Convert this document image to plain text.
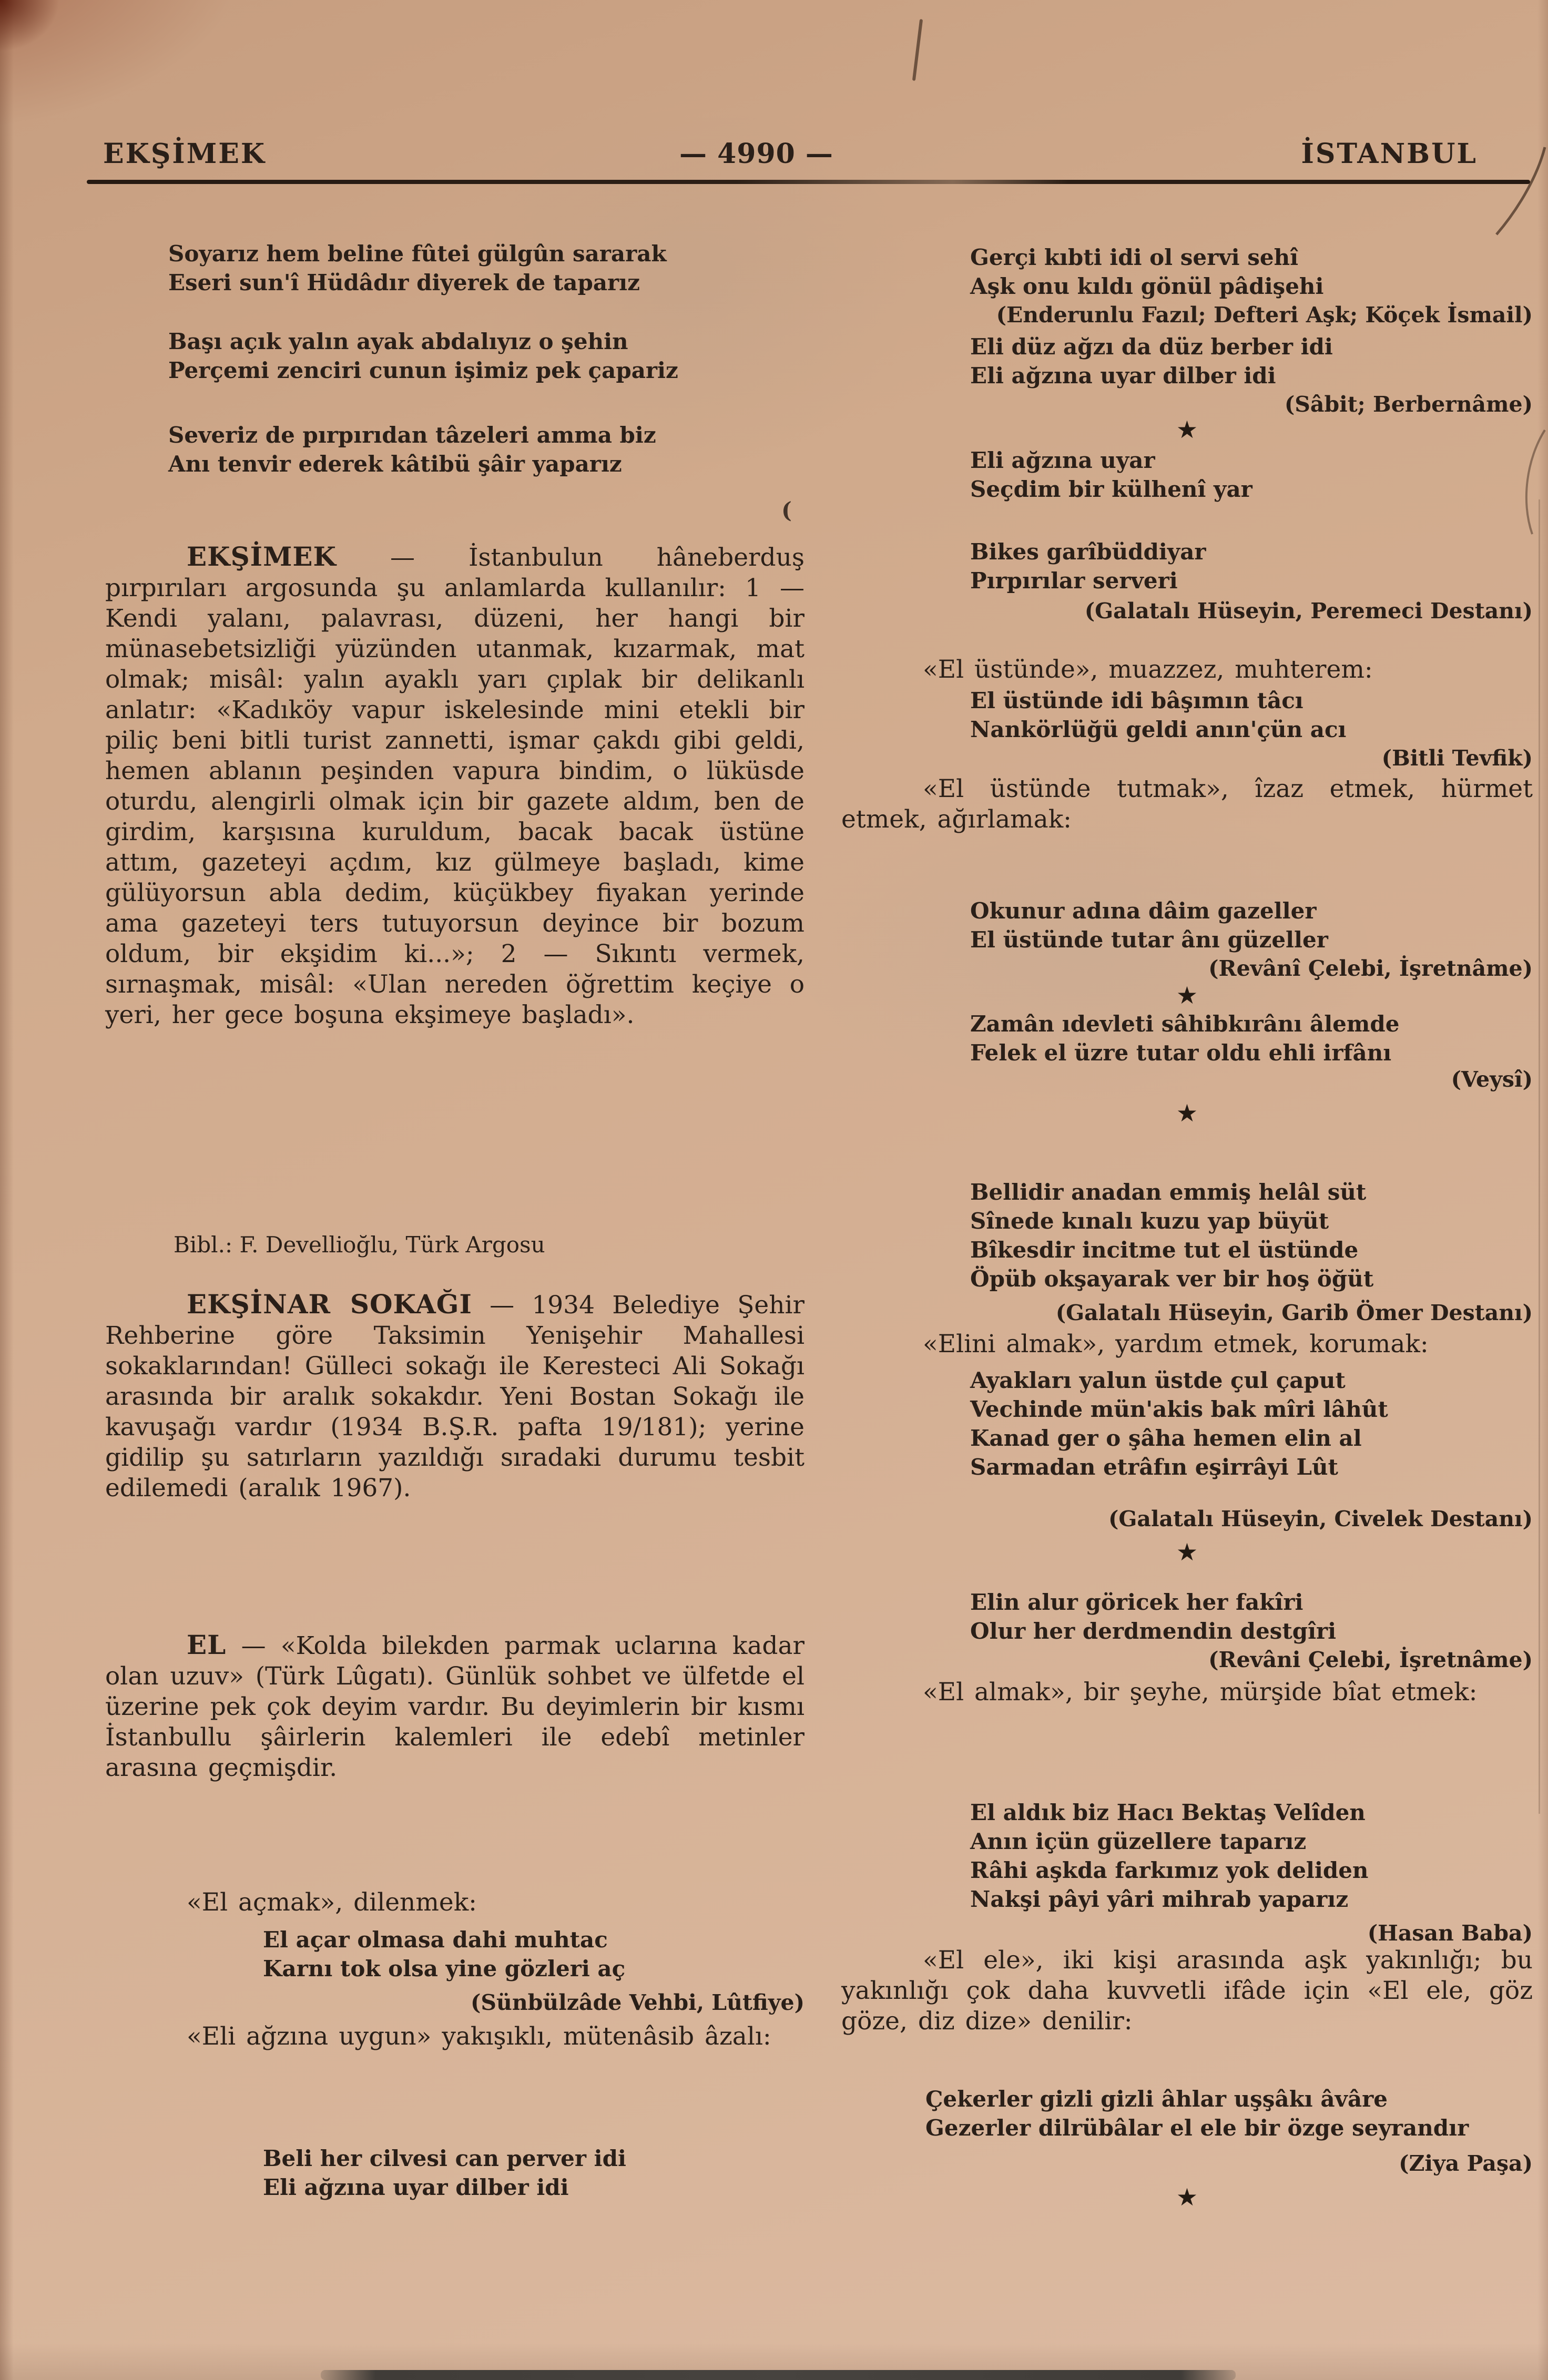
EKŞİMEK	— 4990 —	İSTANBUL
Soyarız hem beline fûtei gülgûn sararak
Eseri sun'î Hüdâdır diyerek de taparız
Başı açık yalın ayak abdalıyız o şehin
Perçemi zenciri cunun işimiz pek çapariz
Severiz de pırpırıdan tâzeleri amma biz
Anı tenvir ederek kâtibü şâir yaparız

EKŞİMEK — İstanbulun hâneberduş pırpırıları argosunda şu anlamlarda kullanılır: 1 — Kendi yalanı, palavrası, düzeni, her hangi bir münasebetsizliği yüzünden utanmak, kızarmak, mat olmak; misâl: yalın ayaklı yarı çıplak bir delikanlı anlatır: «Kadıköy vapur iskelesinde mini etekli bir piliç beni bitli turist zannetti, işmar çakdı gibi geldi, hemen ablanın peşinden vapura bindim, o lüküsde oturdu, alengirli olmak için bir gazete aldım, ben de girdim, karşısına kuruldum, bacak bacak üstüne attım, gazeteyi açdım, kız gülmeye başladı, kime gülüyorsun abla dedim, küçükbey fiyakan yerinde ama gazeteyi ters tutuyorsun deyince bir bozum oldum, bir ekşidim ki...»; 2 — Sıkıntı vermek, sırnaşmak, misâl: «Ulan nereden öğrettim keçiye o yeri, her gece boşuna ekşimeye başladı».

Bibl.: F. Devellioğlu, Türk Argosu

EKŞİNAR SOKAĞI — 1934 Belediye Şehir Rehberine göre Taksimin Yenişehir Mahallesi sokaklarından! Gülleci sokağı ile Keresteci Ali Sokağı arasında bir aralık sokakdır. Yeni Bostan Sokağı ile kavuşağı vardır (1934 B.Ş.R. pafta 19/181); yerine gidilip şu satırların yazıldığı sıradaki durumu tesbit edilemedi (aralık 1967).

EL — «Kolda bilekden parmak uclarına kadar olan uzuv» (Türk Lûgatı). Günlük sohbet ve ülfetde el üzerine pek çok deyim vardır. Bu deyimlerin bir kısmı İstanbullu şâirlerin kalemleri ile edebî metinler arasına geçmişdir.

«El açmak», dilenmek:

El açar olmasa dahi muhtac
Karnı tok olsa yine gözleri aç
(Sünbülzâde Vehbi, Lûtfiye)

«Eli ağzına uygun» yakışıklı, mütenâsib âzalı:

Beli her cilvesi can perver idi
Eli ağzına uyar dilber idi
Gerçi kıbti idi ol servi sehî
Aşk onu kıldı gönül pâdişehi
(Enderunlu Fazıl; Defteri Aşk; Köçek İsmail)
Eli düz ağzı da düz berber idi
Eli ağzına uyar dilber idi
(Sâbit; Berbernâme)
★
Eli ağzına uyar
Seçdim bir külhenî yar
Bikes garîbüddiyar
Pırpırılar serveri
(Galatalı Hüseyin, Peremeci Destanı)

«El üstünde», muazzez, muhterem:

El üstünde idi bâşımın tâcı
Nankörlüğü geldi anın'çün acı
(Bitli Tevfik)

«El üstünde tutmak», îzaz etmek, hürmet etmek, ağırlamak:

Okunur adına dâim gazeller
El üstünde tutar ânı güzeller
(Revânî Çelebi, İşretnâme)
★
Zamân ıdevleti sâhibkırânı âlemde
Felek el üzre tutar oldu ehli irfânı
(Veysî)
★
Bellidir anadan emmiş helâl süt
Sînede kınalı kuzu yap büyüt
Bîkesdir incitme tut el üstünde
Öpüb okşayarak ver bir hoş öğüt
(Galatalı Hüseyin, Garib Ömer Destanı)

«Elini almak», yardım etmek, korumak:

Ayakları yalun üstde çul çaput
Vechinde mün'akis bak mîri lâhût
Kanad ger o şâha hemen elin al
Sarmadan etrâfın eşirrâyi Lût
(Galatalı Hüseyin, Civelek Destanı)
★
Elin alur göricek her fakîri
Olur her derdmendin destgîri
(Revâni Çelebi, İşretnâme)

«El almak», bir şeyhe, mürşide bîat etmek:

El aldık biz Hacı Bektaş Velîden
Anın içün güzellere taparız
Râhi aşkda farkımız yok deliden
Nakşi pâyi yâri mihrab yaparız
(Hasan Baba)

«El ele», iki kişi arasında aşk yakınlığı; bu yakınlığı çok daha kuvvetli ifâde için «El ele, göz göze, diz dize» denilir:

Çekerler gizli gizli âhlar uşşâkı âvâre
Gezerler dilrübâlar el ele bir özge seyrandır
(Ziya Paşa)
★
(
